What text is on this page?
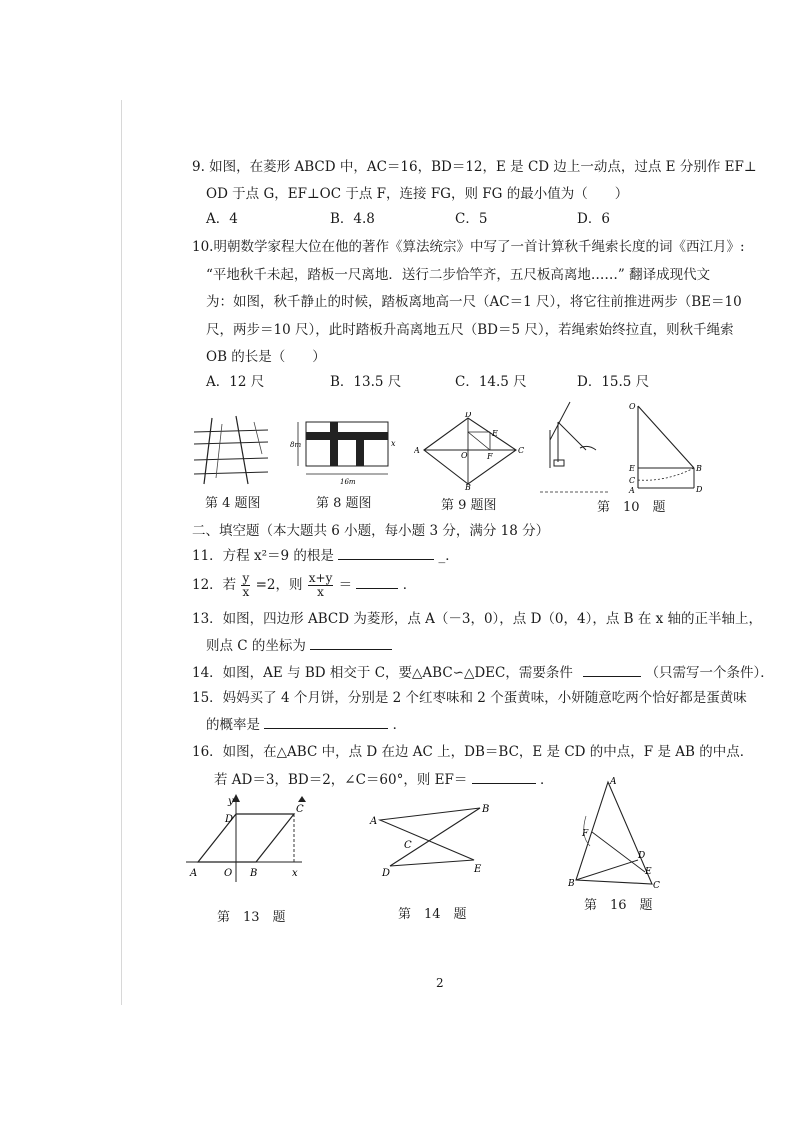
9. 如图，在菱形 ABCD 中，AC＝16，BD＝12，E 是 CD 边上一动点，过点 E 分别作 EF⊥
OD 于点 G，EF⊥OC 于点 F，连接 FG，则 FG 的最小值为（　　）
A．4	B．4.8	C．5	D．6
10.明朝数学家程大位在他的著作《算法统宗》中写了一首计算秋千绳索长度的词《西江月》:
“平地秋千未起，踏板一尺离地．送行二步恰竿齐，五尺板高离地……” 翻译成现代文
为：如图，秋千静止的时候，踏板离地高一尺（AC＝1 尺），将它往前推进两步（BE＝10
尺，两步＝10 尺），此时踏板升高离地五尺（BD＝5 尺），若绳索始终拉直，则秋千绳索
OB 的长是（　　）
A．12 尺	B．13.5 尺	C．14.5 尺	D．15.5 尺
第 4 题图
8m
16m
x
第 8 题图
A
D
C
B
O
E
F
第 9 题图
O
E
C
A
B
D
第　10　题
二、填空题（本大题共 6 小题，每小题 3 分，满分 18 分）
11．方程 x²＝9 的根是	_．
12．若 $\frac{y}{x} =2$，则 $\frac{x+y}{x}$ ＝	．
13．如图，四边形 ABCD 为菱形，点 A（－3，0），点 D（0，4），点 B 在 x 轴的正半轴上，
则点 C 的坐标为
14．如图，AE 与 BD 相交于 C，要△ABC∽△DEC，需要条件	（只需写一个条件）．
15．妈妈买了 4 个月饼，分别是 2 个红枣味和 2 个蛋黄味，小妍随意吃两个恰好都是蛋黄味
的概率是	．
16．如图，在△ABC 中，点 D 在边 AC 上，DB＝BC，E 是 CD 的中点，F 是 AB 的中点．
若 AD＝3，BD＝2，∠C＝60°，则 EF＝	．
y
x
A	O B
C
D
第　13　题
B
A
C
D	E
第　14　题
A
F
D
E
B	C
第　16　题
2
